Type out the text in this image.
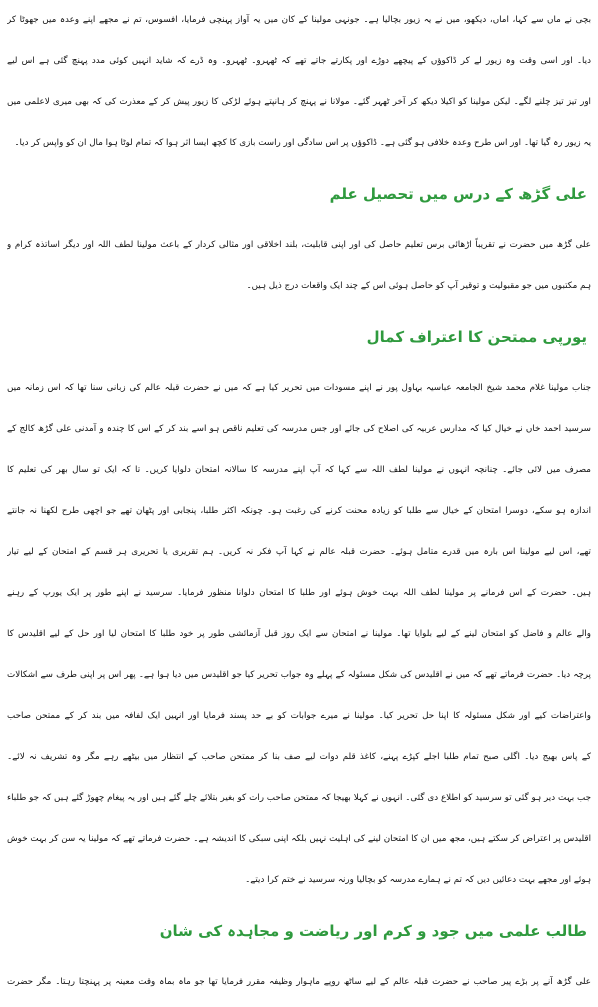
بچی نے ماں سے کہا، اماں، دیکھو، میں نے یہ زیور بچالیا ہے۔ جونہی مولینا کے کان میں یہ آواز پہنچی فرمایا، افسوس، تم نے مجھے اپنے وعدہ میں جھوٹا کر
دیا۔ اور اسی وقت وہ زیور لے کر ڈاکوؤں کے پیچھے دوڑے اور پکارتے جاتے تھے کہ ٹھہرو۔ ٹھہرو۔ وہ ڈرے کہ شاید انہیں کوئی مدد پہنچ گئی ہے اس لیے
اور تیز تیز چلنے لگے۔ لیکن مولینا کو اکیلا دیکھ کر آخر ٹھہر گئے۔ مولانا نے پہنچ کر ہانپتے ہوئے لڑکی کا زیور پیش کر کے معذرت کی کہ بھی میری لاعلمی میں
یہ زیور رہ گیا تھا۔ اور اس طرح وعدہ خلافی ہو گئی ہے۔ ڈاکوؤں پر اس سادگی اور راست بازی کا کچھ ایسا اثر ہوا کہ تمام لوٹا ہوا مال ان کو واپس کر دیا۔
علی گڑھ کے درس میں تحصیل علم
علی گڑھ میں حضرت نے تقریباً اڑھائی برس تعلیم حاصل کی اور اپنی قابلیت، بلند اخلاقی اور مثالی کردار کے باعث مولینا لطف اللہ اور دیگر اساتذہ کرام و
ہم مکتبوں میں جو مقبولیت و توقیر آپ کو حاصل ہوئی اس کے چند ایک واقعات درج ذیل ہیں۔
یورپی ممتحن کا اعتراف کمال
جناب مولینا غلام محمد شیخ الجامعہ عباسیہ بہاول پور نے اپنے مسودات میں تحریر کیا ہے کہ میں نے حضرت قبلہ عالم کی زبانی سنا تھا کہ اس زمانہ میں
سرسید احمد خاں نے خیال کیا کہ مدارس عربیہ کی اصلاح کی جائے اور جس مدرسہ کی تعلیم ناقص ہو اسے بند کر کے اس کا چندہ و آمدنی علی گڑھ کالج کے
مصرف میں لائی جائے۔ چنانچہ انہوں نے مولینا لطف اللہ سے کہا کہ آپ اپنے مدرسہ کا سالانہ امتحان دلوایا کریں۔ تا کہ ایک تو سال بھر کی تعلیم کا
اندازہ ہو سکے، دوسرا امتحان کے خیال سے طلبا کو زیادہ محنت کرنے کی رغبت ہو۔ چونکہ اکثر طلبا، پنجابی اور پٹھان تھے جو اچھی طرح لکھنا نہ جانتے
تھے، اس لیے مولینا اس بارہ میں قدرے متامل ہوئے۔ حضرت قبلہ عالم نے کہا آپ فکر نہ کریں۔ ہم تقریری یا تحریری ہر قسم کے امتحان کے لیے تیار
ہیں۔ حضرت کے اس فرمانے پر مولینا لطف اللہ بہت خوش ہوئے اور طلبا کا امتحان دلوانا منظور فرمایا۔ سرسید نے اپنے طور پر ایک یورپ کے رہنے
والے عالم و فاضل کو امتحان لینے کے لیے بلوایا تھا۔ مولینا نے امتحان سے ایک روز قبل آزمائشی طور پر خود طلبا کا امتحان لیا اور حل کے لیے اقلیدس کا
پرچہ دیا۔ حضرت فرماتے تھے کہ میں نے اقلیدس کی شکل مسئولہ کے پہلے وہ جواب تحریر کیا جو اقلیدس میں دیا ہوا ہے۔ پھر اس پر اپنی طرف سے اشکالات
واعتراضات کیے اور شکل مسئولہ کا اپنا حل تحریر کیا۔ مولینا نے میرے جوابات کو بے حد پسند فرمایا اور انہیں ایک لفافہ میں بند کر کے ممتحن صاحب
کے پاس بھیج دیا۔ اگلی صبح تمام طلبا اجلے کپڑے پہنے، کاغذ قلم دوات لیے صف بنا کر ممتحن صاحب کے انتظار میں بیٹھے رہے مگر وہ تشریف نہ لائے۔
جب بہت دیر ہو گئی تو سرسید کو اطلاع دی گئی۔ انہوں نے کہلا بھیجا کہ ممتحن صاحب رات کو بغیر بتلائے چلے گئے ہیں اور یہ پیغام چھوڑ گئے ہیں کہ جو طلباء
اقلیدس پر اعتراض کر سکتے ہیں، مجھ میں ان کا امتحان لینے کی اہلیت نہیں بلکہ اپنی سبکی کا اندیشہ ہے۔ حضرت فرماتے تھے کہ مولینا یہ سن کر بہت خوش
ہوئے اور مجھے بہت دعائیں دیں کہ تم نے ہمارے مدرسہ کو بچالیا ورنہ سرسید نے ختم کرا دیتے۔
طالب علمی میں جود و کرم اور ریاضت و مجاہدہ کی شان
علی گڑھ آنے پر بڑے پیر صاحب نے حضرت قبلہ عالم کے لیے ساٹھ روپے ماہوار وظیفہ مقرر فرمایا تھا جو ماہ بماہ وقت معینہ پر پہنچتا رہتا۔ مگر حضرت
